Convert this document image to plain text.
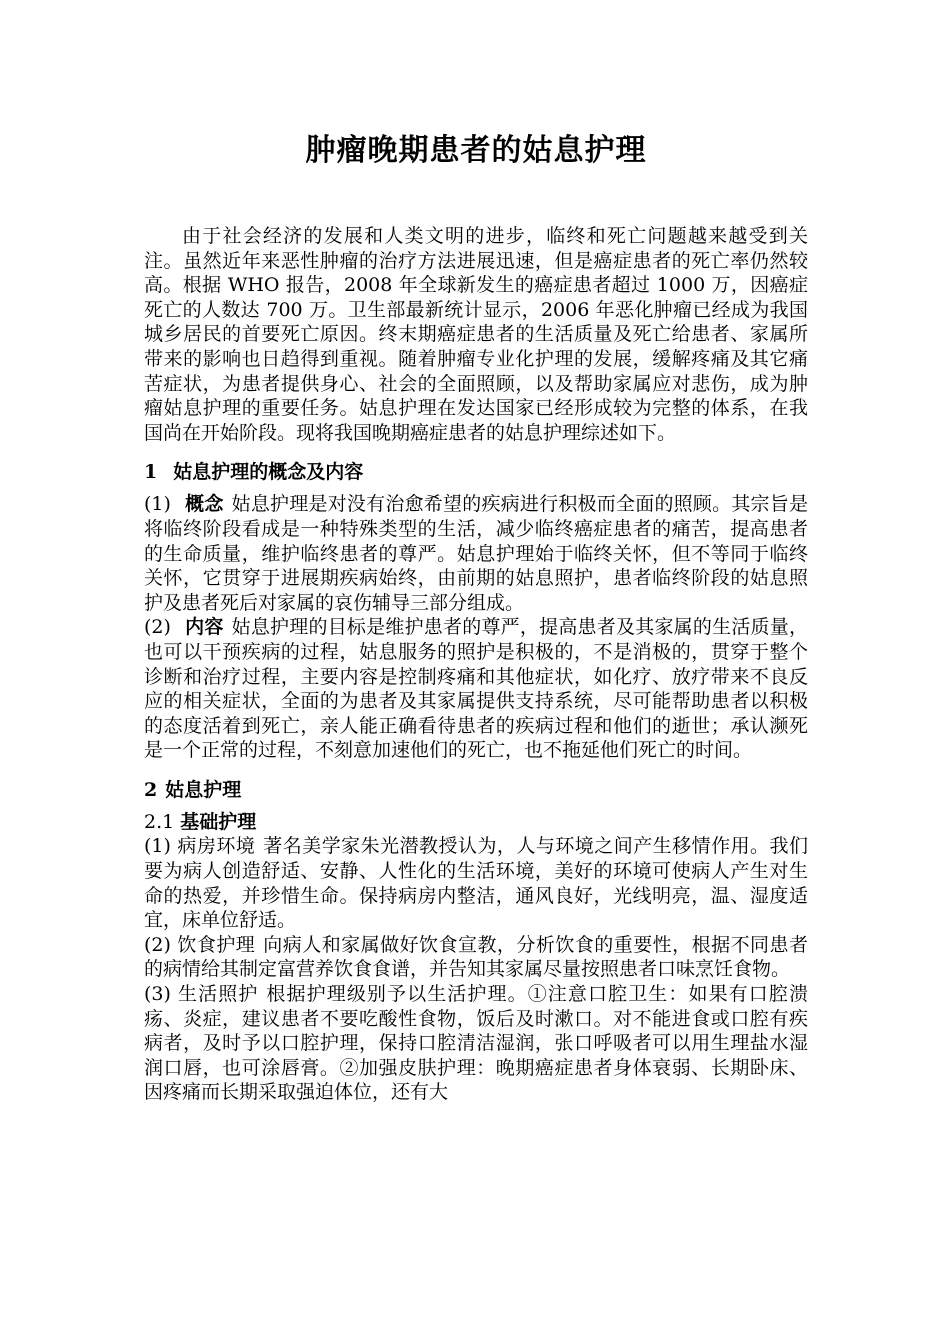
肿瘤晚期患者的姑息护理

由于社会经济的发展和人类文明的进步，临终和死亡问题越来越受到关注。虽然近年来恶性肿瘤的治疗方法进展迅速，但是癌症患者的死亡率仍然较高。根据 WHO 报告，2008 年全球新发生的癌症患者超过 1000 万，因癌症死亡的人数达 700 万。卫生部最新统计显示，2006 年恶化肿瘤已经成为我国城乡居民的首要死亡原因。终末期癌症患者的生活质量及死亡给患者、家属所带来的影响也日趋得到重视。随着肿瘤专业化护理的发展，缓解疼痛及其它痛苦症状，为患者提供身心、社会的全面照顾，以及帮助家属应对悲伤，成为肿瘤姑息护理的重要任务。姑息护理在发达国家已经形成较为完整的体系，在我国尚在开始阶段。现将我国晚期癌症患者的姑息护理综述如下。

1 姑息护理的概念及内容

(1) 概念 姑息护理是对没有治愈希望的疾病进行积极而全面的照顾。其宗旨是将临终阶段看成是一种特殊类型的生活，减少临终癌症患者的痛苦，提高患者的生命质量，维护临终患者的尊严。姑息护理始于临终关怀，但不等同于临终关怀，它贯穿于进展期疾病始终，由前期的姑息照护，患者临终阶段的姑息照护及患者死后对家属的哀伤辅导三部分组成。

(2) 内容 姑息护理的目标是维护患者的尊严，提高患者及其家属的生活质量，也可以干预疾病的过程，姑息服务的照护是积极的，不是消极的，贯穿于整个诊断和治疗过程，主要内容是控制疼痛和其他症状，如化疗、放疗带来不良反应的相关症状，全面的为患者及其家属提供支持系统，尽可能帮助患者以积极的态度活着到死亡，亲人能正确看待患者的疾病过程和他们的逝世；承认濒死是一个正常的过程，不刻意加速他们的死亡，也不拖延他们死亡的时间。

2 姑息护理
2.1 基础护理

(1) 病房环境 著名美学家朱光潜教授认为，人与环境之间产生移情作用。我们要为病人创造舒适、安静、人性化的生活环境，美好的环境可使病人产生对生命的热爱，并珍惜生命。保持病房内整洁，通风良好，光线明亮，温、湿度适宜，床单位舒适。

(2) 饮食护理 向病人和家属做好饮食宣教，分析饮食的重要性，根据不同患者的病情给其制定富营养饮食食谱，并告知其家属尽量按照患者口味烹饪食物。

(3) 生活照护 根据护理级别予以生活护理。①注意口腔卫生：如果有口腔溃疡、炎症，建议患者不要吃酸性食物，饭后及时漱口。对不能进食或口腔有疾病者，及时予以口腔护理，保持口腔清洁湿润，张口呼吸者可以用生理盐水湿润口唇，也可涂唇膏。②加强皮肤护理：晚期癌症患者身体衰弱、长期卧床、因疼痛而长期采取强迫体位，还有大
